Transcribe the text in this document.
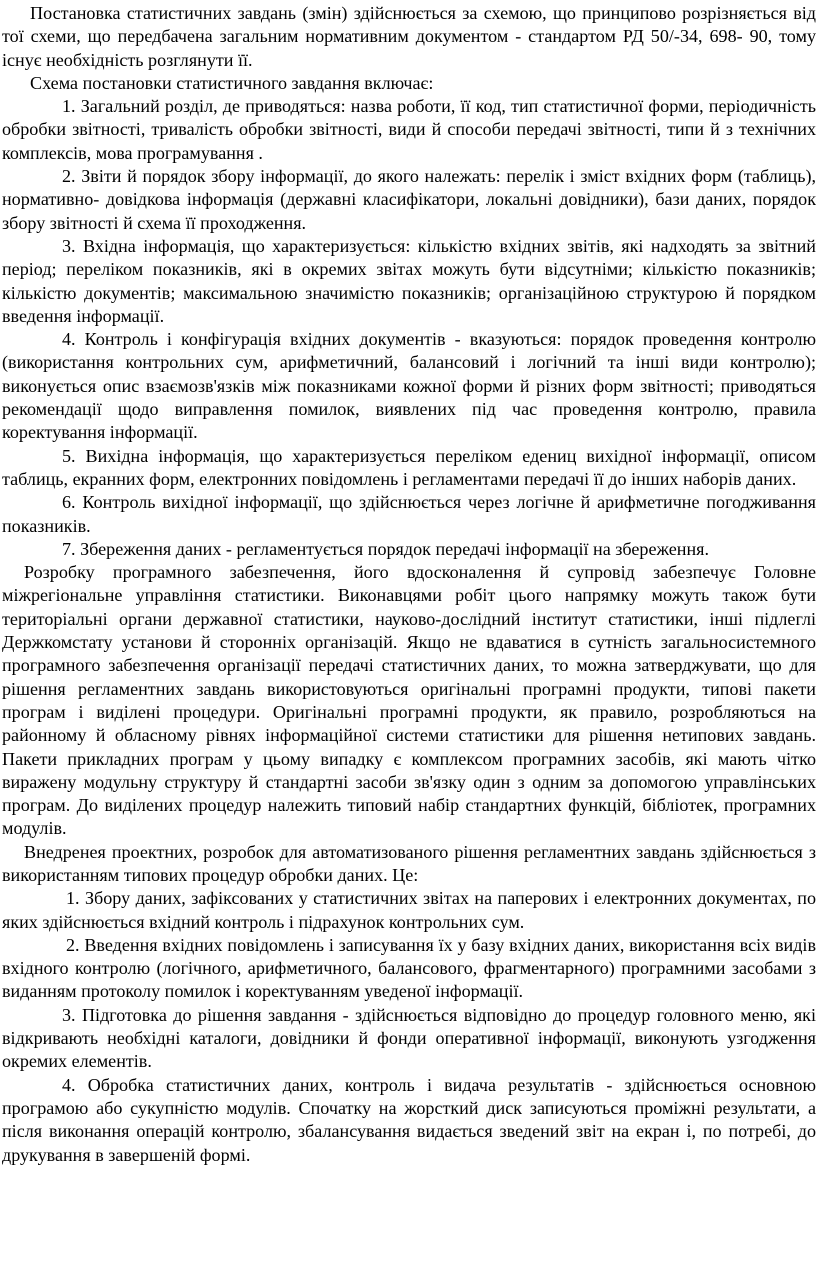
Постановка статистичних завдань (змін) здійснюється за схемою, що принципово розрізняється від тої схеми, що передбачена загальним нормативним документом - стандартом РД 50/-34, 698- 90, тому існує необхідність розглянути її.

Схема постановки статистичного завдання включає:

1. Загальний розділ, де приводяться: назва роботи, її код, тип статистичної форми, періодичність обробки звітності, тривалість обробки звітності, види й способи передачі звітності, типи й з технічних комплексів, мова програмування .

2. Звіти й порядок збору інформації, до якого належать: перелік і зміст вхідних форм (таблиць), нормативно- довідкова інформація (державні класифікатори, локальні довідники), бази даних, порядок збору звітності й схема її проходження.

3. Вхідна інформація, що характеризується: кількістю вхідних звітів, які надходять за звітний період; переліком показників, які в окремих звітах можуть бути відсутніми; кількістю показників; кількістю документів; максимальною значимістю показників; організаційною структурою й порядком введення інформації.

4. Контроль і конфігурація вхідних документів - вказуються: порядок проведення контролю (використання контрольних сум, арифметичний, балансовий і логічний та інші види контролю); виконується опис взаємозв'язків між показниками кожної форми й різних форм звітності; приводяться рекомендації щодо виправлення помилок, виявлених під час проведення контролю, правила коректування інформації.

5. Вихідна інформація, що характеризується переліком едениц вихідної інформації, описом таблиць, екранних форм, електронних повідомлень і регламентами передачі її до інших наборів даних.

6. Контроль вихідної інформації, що здійснюється через логічне й арифметичне погодживання показників.

7. Збереження даних - регламентується порядок передачі інформації на збереження.

Розробку програмного забезпечення, його вдосконалення й супровід забезпечує Головне міжрегіональне управління статистики. Виконавцями робіт цього напрямку можуть також бути територіальні органи державної статистики, науково-дослідний інститут статистики, інші підлеглі Держкомстату установи й сторонніх організацій. Якщо не вдаватися в сутність загальносистемного програмного забезпечення організації передачі статистичних даних, то можна затверджувати, що для рішення регламентних завдань використовуються оригінальні програмні продукти, типові пакети програм і виділені процедури. Оригінальні програмні продукти, як правило, розробляються на районному й обласному рівнях інформаційної системи статистики для рішення нетипових завдань. Пакети прикладних програм у цьому випадку є комплексом програмних засобів, які мають чітко виражену модульну структуру й стандартні засоби зв'язку один з одним за допомогою управлінських програм. До виділених процедур належить типовий набір стандартних функцій, бібліотек, програмних модулів.

Внедренея проектних, розробок для автоматизованого рішення регламентних завдань здійснюється з використанням типових процедур обробки даних. Це:

1. Збору даних, зафіксованих у статистичних звітах на паперових і електронних документах, по яких здійснюється вхідний контроль і підрахунок контрольних сум.

2. Введення вхідних повідомлень і записування їх у базу вхідних даних, використання всіх видів вхідного контролю (логічного, арифметичного, балансового, фрагментарного) програмними засобами з виданням протоколу помилок і коректуванням уведеної інформації.

3. Підготовка до рішення завдання - здійснюється відповідно до процедур головного меню, які відкривають необхідні каталоги, довідники й фонди оперативної інформації, виконують узгодження окремих елементів.

4. Обробка статистичних даних, контроль і видача результатів - здійснюється основною програмою або сукупністю модулів. Спочатку на жорсткий диск записуються проміжні результати, а після виконання операцій контролю, збалансування видається зведений звіт на екран і, по потребі, до друкування в завершеній формі.
